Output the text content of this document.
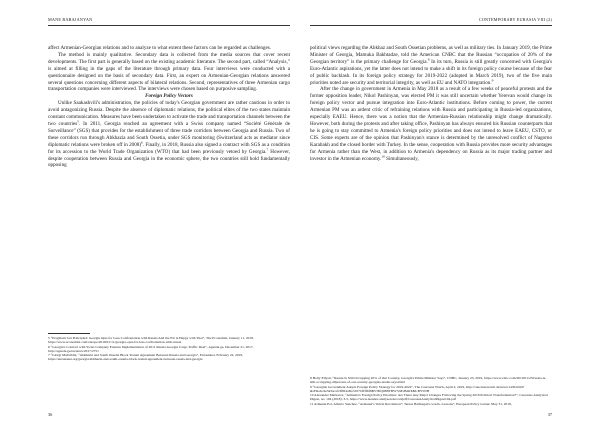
MANE BABAJANYAN

affect Armenian-Georgian relations and to analyze to what extent these factors can be regarded as challenges.

The method is mainly qualitative. Secondary data is collected from the media sources that cover recent developments. The first part is generally based on the existing academic literature. The second part, called “Analysis,” is aimed at filling in the gaps of the literature through primary data. Four interviews were conducted with a questionnaire designed on the basis of secondary data. First, an expert on Armenian-Georgian relations answered several questions concerning different aspects of bilateral relations. Second, representatives of three Armenian cargo transportation companies were interviewed. The interviews were chosen based on purposive sampling.

Foreign Policy Vectors

Unlike Saakashvili's administration, the policies of today's Georgian government are rather cautious in order to avoid antagonizing Russia. Despite the absence of diplomatic relations, the political elites of the two states maintain constant communication. Measures have been undertaken to activate the trade and transportation channels between the two countries$^5$. In 2011, Georgia reached an agreement with a Swiss company named “Société Générale de Surveillance” (SGS) that provides for the establishment of three trade corridors between Georgia and Russia. Two of these corridors run through Abkhazia and South Ossetia, under SGS monitoring (Switzerland acts as mediator since diplomatic relations were broken off in 2008)$^6$. Finally, in 2018, Russia also signed a contract with SGS as a condition for its accession to the World Trade Organization (WTO) that had been previously vetoed by Georgia.$^7$ However, despite cooperation between Russia and Georgia in the economic sphere, the two countries still hold fundamentally opposing

5 “Pragmatic but Principled: Georgia Opts for Less Confrontation with Russia And the EU is Happy with That”, The Economist, January 11, 2018, https://www.economist.com/europe/2018/01/11/georgia-opts-for-less-confrontation-with-russia

6 “Georgia's Contract with Swiss Company Ensures Implementation of 2011 Russia-Georgia Cargo Traffic Deal”, Agenda.ge, December 21, 2017, http://agenda.ge/en/news/2017/2751

7 “Giorgi Mshvildia, “Abkhazia and South Ossetia Block Transit Agreement Between Russia and Georgia”, Eurasianet, February 22, 2019, https://eurasianet.org/georgia/abkhazia-and-south-ossetia-block-transit-agreement-between-russia-and-georgia

36
CONTEMPORARY EURASIA VIII (2)

political views regarding the Abkhaz and South Ossetian problems, as well as military ties. In January 2019, the Prime Minister of Georgia, Mamuka Bakhtadze, told the American CNBC that the Russian “occupation of 20% of the Georgian territory” is the primary challenge for Georgia.$^8$ In its turn, Russia is still greatly concerned with Georgia's Euro-Atlantic aspirations, yet the latter does not intend to make a shift in its foreign policy course because of the fear of public backlash. In its foreign policy strategy for 2019-2022 (adopted in March 2019), two of the five main priorities noted are security and territorial integrity, as well as EU and NATO integration.$^9$

After the change in government in Armenia in May 2018 as a result of a few weeks of peaceful protests and the former opposition leader, Nikol Pashinyan, was elected PM it was still uncertain whether Yerevan would change its foreign policy vector and pursue integration into Euro-Atlantic institutions. Before coming to power, the current Armenian PM was an ardent critic of refraining relations with Russia and participating in Russia-led organizations, especially EAEU. Hence, there was a notion that the Armenian-Russian relationship might change dramatically. However, both during the protests and after taking office, Pashinyan has always ensured his Russian counterparts that he is going to stay committed to Armenia's foreign policy priorities and does not intend to leave EAEU, CSTO, or CIS. Some experts are of the opinion that Pashinyan's stance is determined by the unresolved conflict of Nagorno Karabakh and the closed border with Turkey. In the sense, cooperation with Russia provides more security advantages for Armenia rather than the West, in addition to Armenia's dependency on Russia as its major trading partner and investor in the Armenian economy.$^{10}$ Simultaneously,

8 Holly Ellyatt, “Russia Is Still Occupying 20% of Our Country, Georgia's Prime Minister Says”, CNBC, January 23, 2019, https://www.cnbc.com/2019/01/23/russia-is-still-occupying-20percent-of-our-country-georgias-leader-says.html

9 “Georgian Government Adopts Foreign Policy Strategy for 2019-2022”, The Caucasus Watch, April 2, 2019, http://caucasuswatch.de/news/1430.html?&cHash=9e343acafc3f8f4a3fe5b57bff3f6f8B3 HfQ0B8TBW7rMvBdRM9LBY5NH

10 Alexander Markarov, “Armenia's Foreign Policy Priorities: Are There Any Major Changes Following the Spring 2018 Political Transformation?”, Caucasus Analytical Digest, no. 104 (2018): 3-5, https://www.laender-analysen.de/cad/pdf/CaucasusAnalyticalDigest104.pdf

11 Armenia Pol, Alberto Sanchez, “Armenia’s Velvet Revolution”: Teresa Balhregan's words, Lessons”, European Policy Center, May 31, 2018,

37
